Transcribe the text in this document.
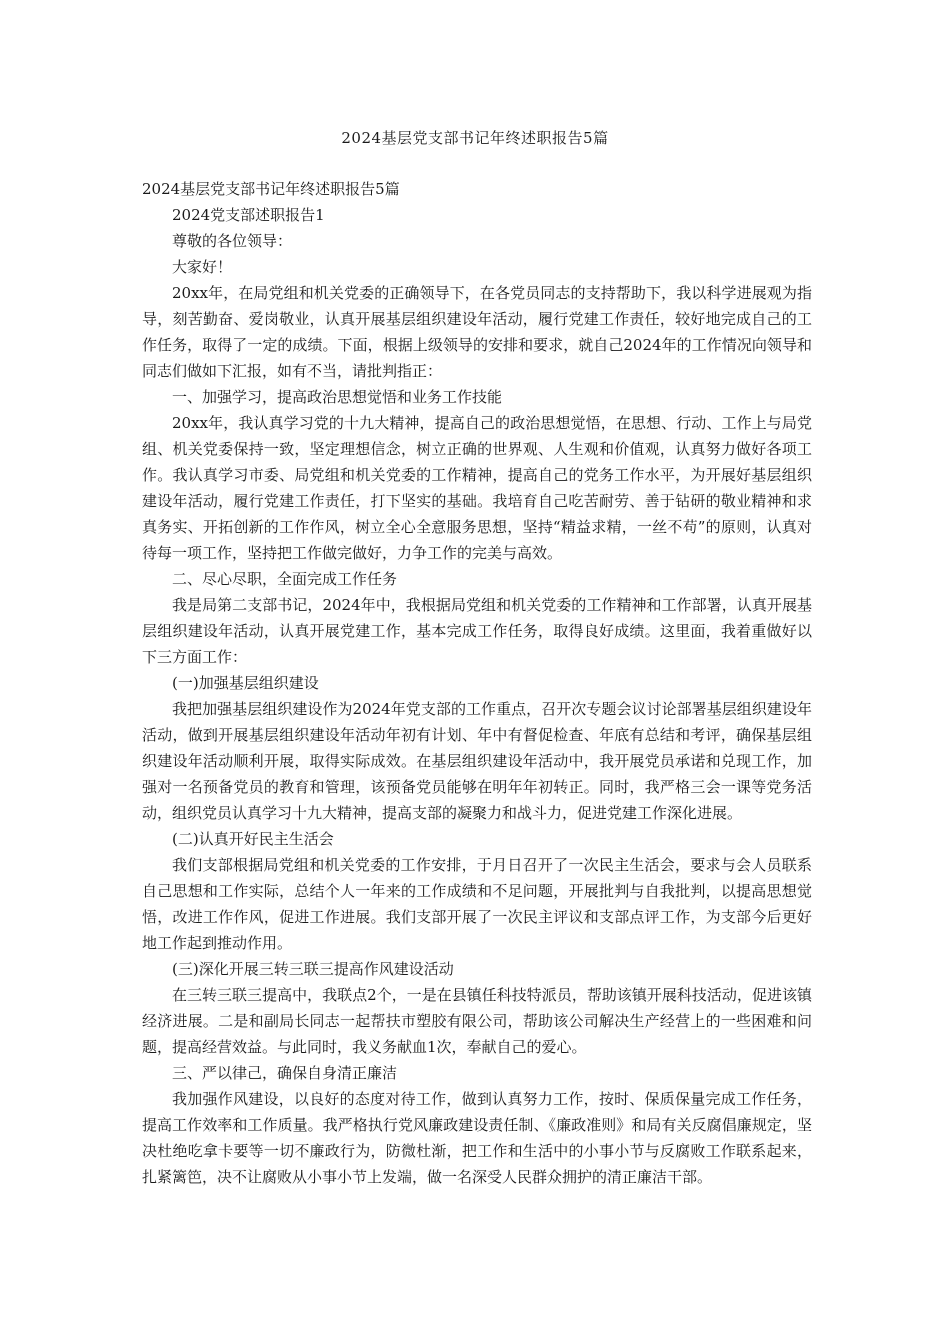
2024基层党支部书记年终述职报告5篇

2024基层党支部书记年终述职报告5篇

2024党支部述职报告1

尊敬的各位领导：

大家好！

20xx年，在局党组和机关党委的正确领导下，在各党员同志的支持帮助下，我以科学进展观为指导，刻苦勤奋、爱岗敬业，认真开展基层组织建设年活动，履行党建工作责任，较好地完成自己的工作任务，取得了一定的成绩。下面，根据上级领导的安排和要求，就自己2024年的工作情况向领导和同志们做如下汇报，如有不当，请批判指正：

一、加强学习，提高政治思想觉悟和业务工作技能

20xx年，我认真学习党的十九大精神，提高自己的政治思想觉悟，在思想、行动、工作上与局党组、机关党委保持一致，坚定理想信念，树立正确的世界观、人生观和价值观，认真努力做好各项工作。我认真学习市委、局党组和机关党委的工作精神，提高自己的党务工作水平，为开展好基层组织建设年活动，履行党建工作责任，打下坚实的基础。我培育自己吃苦耐劳、善于钻研的敬业精神和求真务实、开拓创新的工作作风，树立全心全意服务思想，坚持“精益求精，一丝不苟”的原则，认真对待每一项工作，坚持把工作做完做好，力争工作的完美与高效。

二、尽心尽职，全面完成工作任务

我是局第二支部书记，2024年中，我根据局党组和机关党委的工作精神和工作部署，认真开展基层组织建设年活动，认真开展党建工作，基本完成工作任务，取得良好成绩。这里面，我着重做好以下三方面工作：

(一)加强基层组织建设

我把加强基层组织建设作为2024年党支部的工作重点，召开次专题会议讨论部署基层组织建设年活动，做到开展基层组织建设年活动年初有计划、年中有督促检查、年底有总结和考评，确保基层组织建设年活动顺利开展，取得实际成效。在基层组织建设年活动中，我开展党员承诺和兑现工作，加强对一名预备党员的教育和管理，该预备党员能够在明年年初转正。同时，我严格三会一课等党务活动，组织党员认真学习十九大精神，提高支部的凝聚力和战斗力，促进党建工作深化进展。

(二)认真开好民主生活会

我们支部根据局党组和机关党委的工作安排，于月日召开了一次民主生活会，要求与会人员联系自己思想和工作实际，总结个人一年来的工作成绩和不足问题，开展批判与自我批判，以提高思想觉悟，改进工作作风，促进工作进展。我们支部开展了一次民主评议和支部点评工作，为支部今后更好地工作起到推动作用。

(三)深化开展三转三联三提高作风建设活动

在三转三联三提高中，我联点2个，一是在县镇任科技特派员，帮助该镇开展科技活动，促进该镇经济进展。二是和副局长同志一起帮扶市塑胶有限公司，帮助该公司解决生产经营上的一些困难和问题，提高经营效益。与此同时，我义务献血1次，奉献自己的爱心。

三、严以律己，确保自身清正廉洁

我加强作风建设，以良好的态度对待工作，做到认真努力工作，按时、保质保量完成工作任务，提高工作效率和工作质量。我严格执行党风廉政建设责任制、《廉政准则》和局有关反腐倡廉规定，坚决杜绝吃拿卡要等一切不廉政行为，防微杜渐，把工作和生活中的小事小节与反腐败工作联系起来，扎紧篱笆，决不让腐败从小事小节上发端，做一名深受人民群众拥护的清正廉洁干部。
